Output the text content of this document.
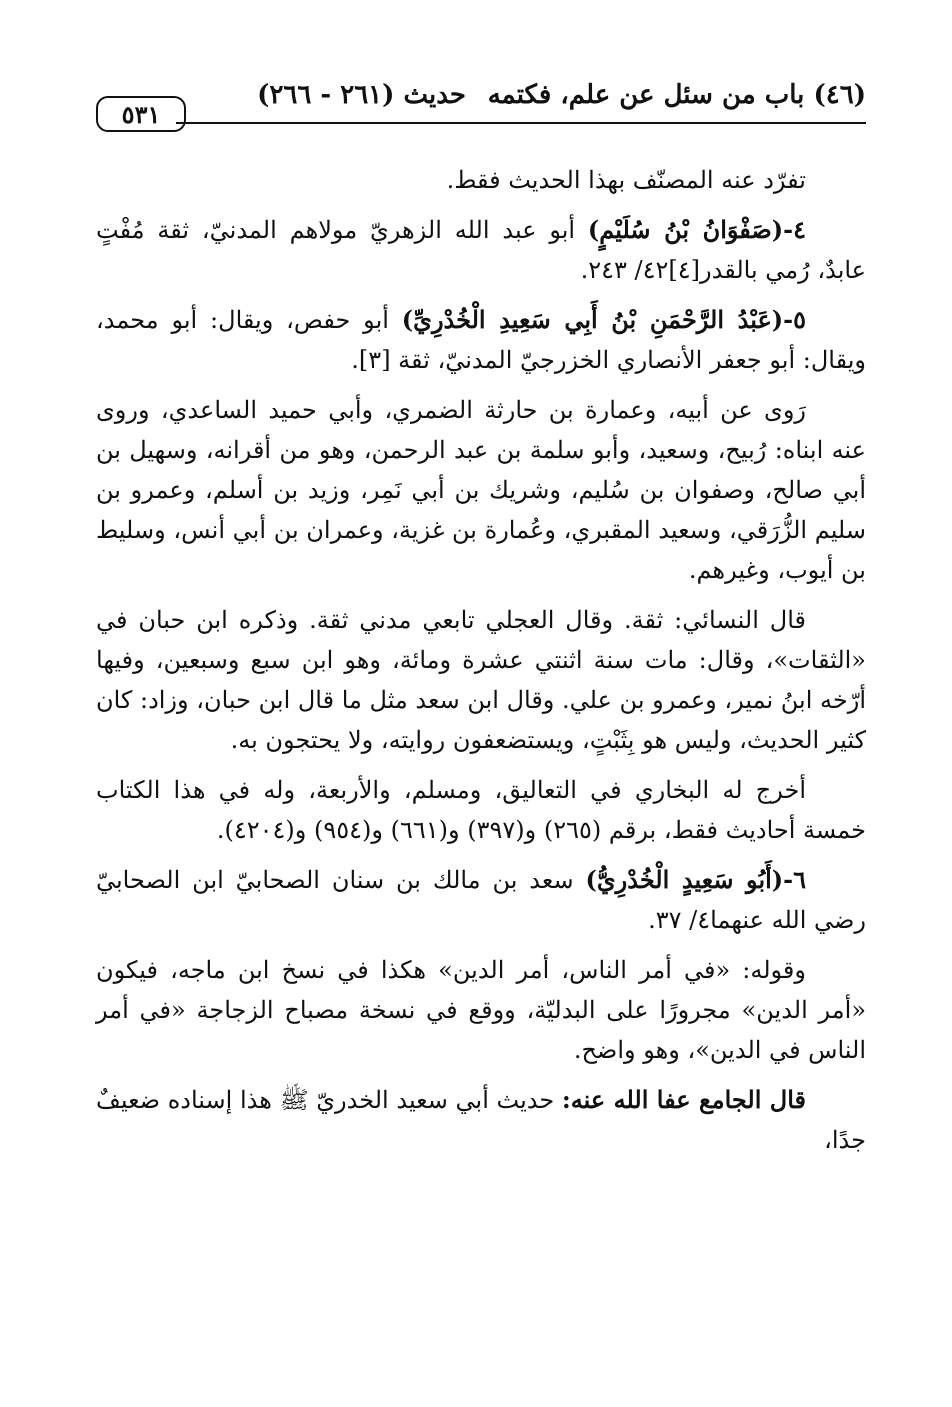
(٤٦) باب من سئل عن علم، فكتمه
حديث (٢٦١ - ٢٦٦)
٥٣١

تفرّد عنه المصنّف بهذا الحديث فقط.

٤-(صَفْوَانُ بْنُ سُلَيْمٍ) أبو عبد الله الزهريّ مولاهم المدنيّ، ثقة مُفْتٍ عابدٌ، رُمي بالقدر[٤]٤٢/ ٢٤٣.

٥-(عَبْدُ الرَّحْمَنِ بْنُ أَبِي سَعِيدِ الْخُدْرِيِّ) أبو حفص، ويقال: أبو محمد، ويقال: أبو جعفر الأنصاري الخزرجيّ المدنيّ، ثقة [٣].

رَوى عن أبيه، وعمارة بن حارثة الضمري، وأبي حميد الساعدي، وروى عنه ابناه: رُبيح، وسعيد، وأبو سلمة بن عبد الرحمن، وهو من أقرانه، وسهيل بن أبي صالح، وصفوان بن سُليم، وشريك بن أبي نَمِر، وزيد بن أسلم، وعمرو بن سليم الزُّرَقي، وسعيد المقبري، وعُمارة بن غزية، وعمران بن أبي أنس، وسليط بن أيوب، وغيرهم.

قال النسائي: ثقة. وقال العجلي تابعي مدني ثقة. وذكره ابن حبان في «الثقات»، وقال: مات سنة اثنتي عشرة ومائة، وهو ابن سبع وسبعين، وفيها أرّخه ابنُ نمير، وعمرو بن علي. وقال ابن سعد مثل ما قال ابن حبان، وزاد: كان كثير الحديث، وليس هو بِثَبْتٍ، ويستضعفون روايته، ولا يحتجون به.

أخرج له البخاري في التعاليق، ومسلم، والأربعة، وله في هذا الكتاب خمسة أحاديث فقط، برقم (٢٦٥) و(٣٩٧) و(٦٦١) و(٩٥٤) و(٤٢٠٤).

٦-(أَبُو سَعِيدٍ الْخُدْرِيُّ) سعد بن مالك بن سنان الصحابيّ ابن الصحابيّ رضي الله عنهما٤/ ٣٧.

وقوله: «في أمر الناس، أمر الدين» هكذا في نسخ ابن ماجه، فيكون «أمر الدين» مجرورًا على البدليّة، ووقع في نسخة مصباح الزجاجة «في أمر الناس في الدين»، وهو واضح.

قال الجامع عفا الله عنه: حديث أبي سعيد الخدريّ ﷺ هذا إسناده ضعيفٌ جدًا،
